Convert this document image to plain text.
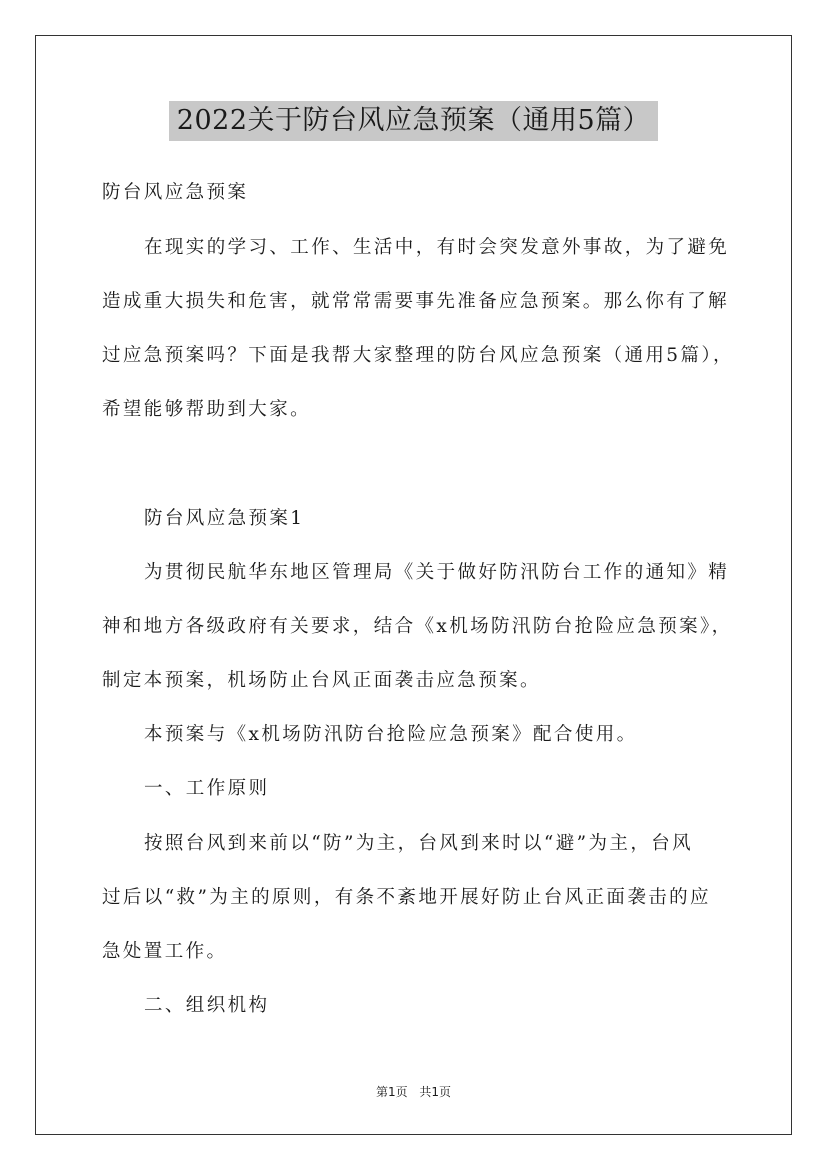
2022关于防台风应急预案（通用5篇）
防台风应急预案
在现实的学习、工作、生活中，有时会突发意外事故，为了避免
造成重大损失和危害，就常常需要事先准备应急预案。那么你有了解
过应急预案吗？下面是我帮大家整理的防台风应急预案（通用5篇），
希望能够帮助到大家。
防台风应急预案1
为贯彻民航华东地区管理局《关于做好防汛防台工作的通知》精
神和地方各级政府有关要求，结合《x机场防汛防台抢险应急预案》，
制定本预案，机场防止台风正面袭击应急预案。
本预案与《x机场防汛防台抢险应急预案》配合使用。
一、工作原则
按照台风到来前以“防”为主，台风到来时以“避”为主，台风
过后以“救”为主的原则，有条不紊地开展好防止台风正面袭击的应
急处置工作。
二、组织机构
第1页 共1页
